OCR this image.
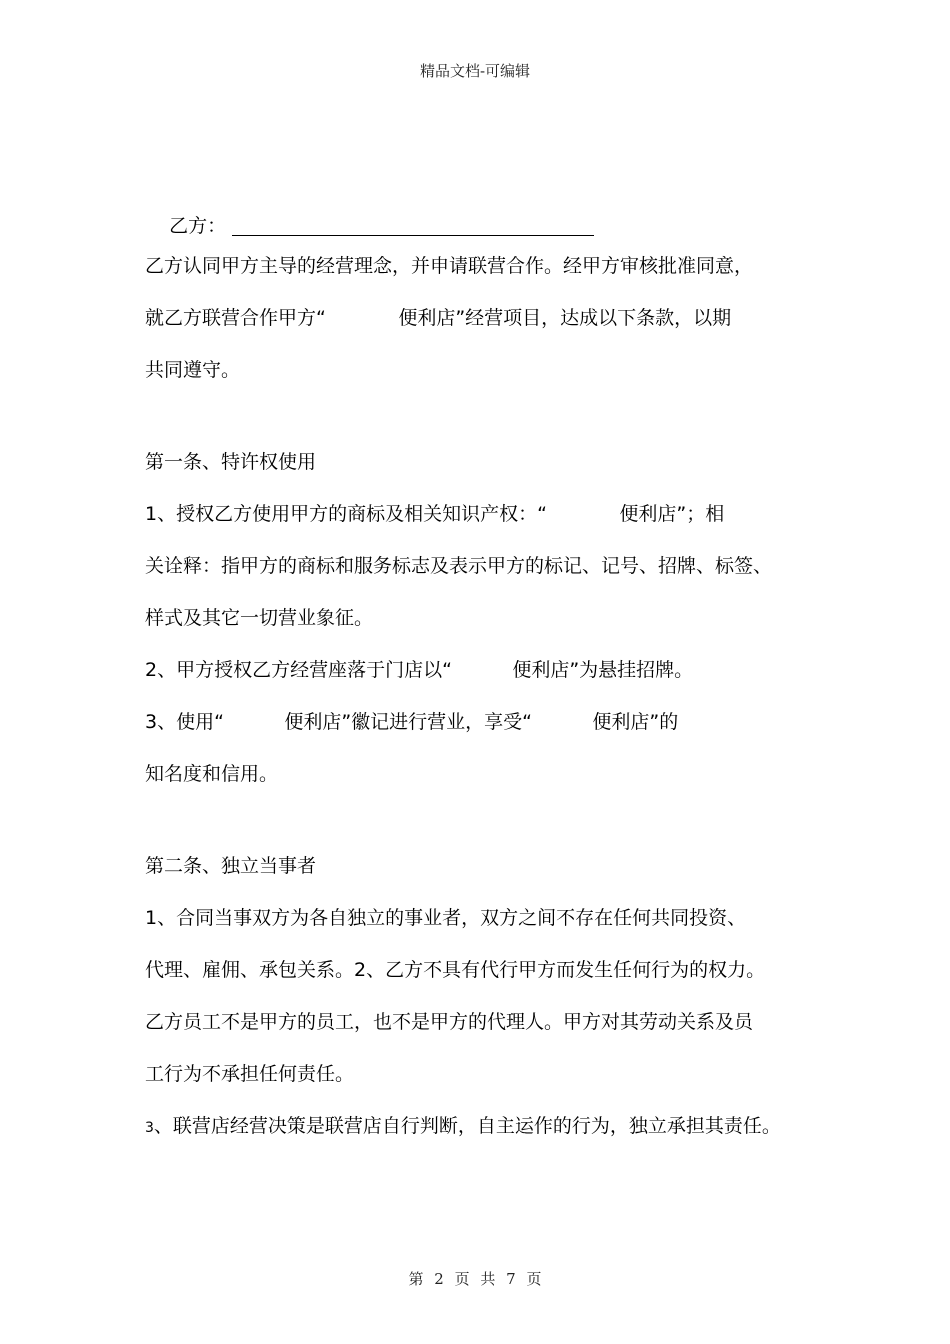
精品文档-可编辑

乙方：

乙方认同甲方主导的经营理念，并申请联营合作。经甲方审核批准同意，
就乙方联营合作甲方“            便利店”经营项目，达成以下条款，以期
共同遵守。
第一条、特许权使用
1、授权乙方使用甲方的商标及相关知识产权：“            便利店”；相
关诠释：指甲方的商标和服务标志及表示甲方的标记、记号、招牌、标签、
样式及其它一切营业象征。
2、甲方授权乙方经营座落于门店以“          便利店”为悬挂招牌。
3、使用“          便利店”徽记进行营业，享受“          便利店”的
知名度和信用。
第二条、独立当事者
1、合同当事双方为各自独立的事业者，双方之间不存在任何共同投资、
代理、雇佣、承包关系。2、乙方不具有代行甲方而发生任何行为的权力。
乙方员工不是甲方的员工，也不是甲方的代理人。甲方对其劳动关系及员
工行为不承担任何责任。
3、联营店经营决策是联营店自行判断，自主运作的行为，独立承担其责任。
第 2 页 共 7 页
